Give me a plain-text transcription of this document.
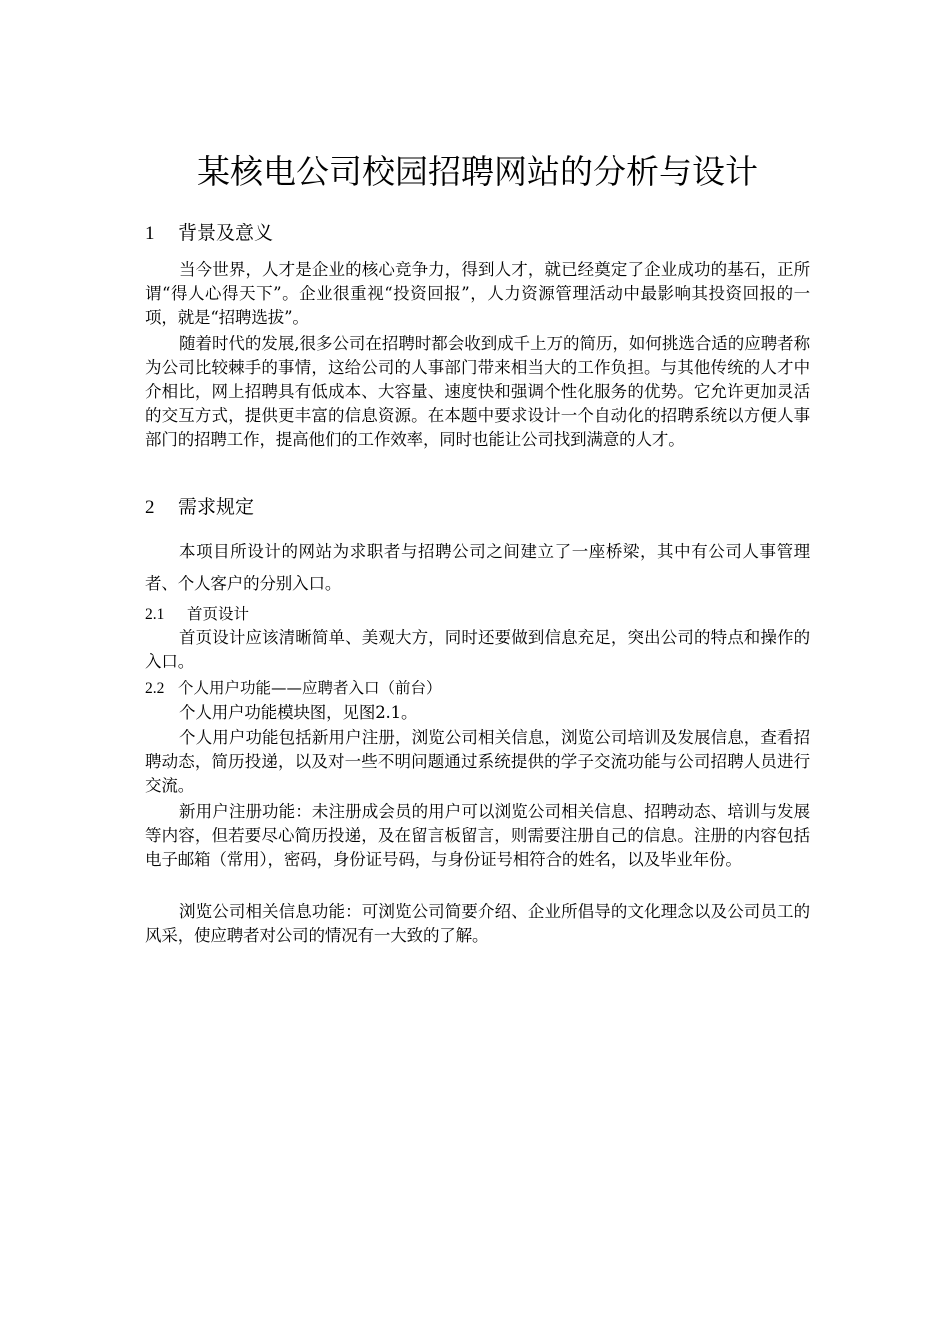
某核电公司校园招聘网站的分析与设计
1 背景及意义

当今世界，人才是企业的核心竞争力，得到人才，就已经奠定了企业成功的基石，正所谓“得人心得天下”。企业很重视“投资回报”，人力资源管理活动中最影响其投资回报的一项，就是“招聘选拔”。

随着时代的发展,很多公司在招聘时都会收到成千上万的简历，如何挑选合适的应聘者称为公司比较棘手的事情，这给公司的人事部门带来相当大的工作负担。与其他传统的人才中介相比，网上招聘具有低成本、大容量、速度快和强调个性化服务的优势。它允许更加灵活的交互方式，提供更丰富的信息资源。在本题中要求设计一个自动化的招聘系统以方便人事部门的招聘工作，提高他们的工作效率，同时也能让公司找到满意的人才。

2 需求规定

本项目所设计的网站为求职者与招聘公司之间建立了一座桥梁，其中有公司人事管理者、个人客户的分别入口。

2.1 首页设计

首页设计应该清晰简单、美观大方，同时还要做到信息充足，突出公司的特点和操作的入口。

2.2 个人用户功能——应聘者入口（前台）

个人用户功能模块图，见图2.1。

个人用户功能包括新用户注册，浏览公司相关信息，浏览公司培训及发展信息，查看招聘动态，简历投递，以及对一些不明问题通过系统提供的学子交流功能与公司招聘人员进行交流。

新用户注册功能：未注册成会员的用户可以浏览公司相关信息、招聘动态、培训与发展等内容，但若要尽心简历投递，及在留言板留言，则需要注册自己的信息。注册的内容包括电子邮箱（常用），密码，身份证号码，与身份证号相符合的姓名，以及毕业年份。

浏览公司相关信息功能：可浏览公司简要介绍、企业所倡导的文化理念以及公司员工的风采，使应聘者对公司的情况有一大致的了解。
